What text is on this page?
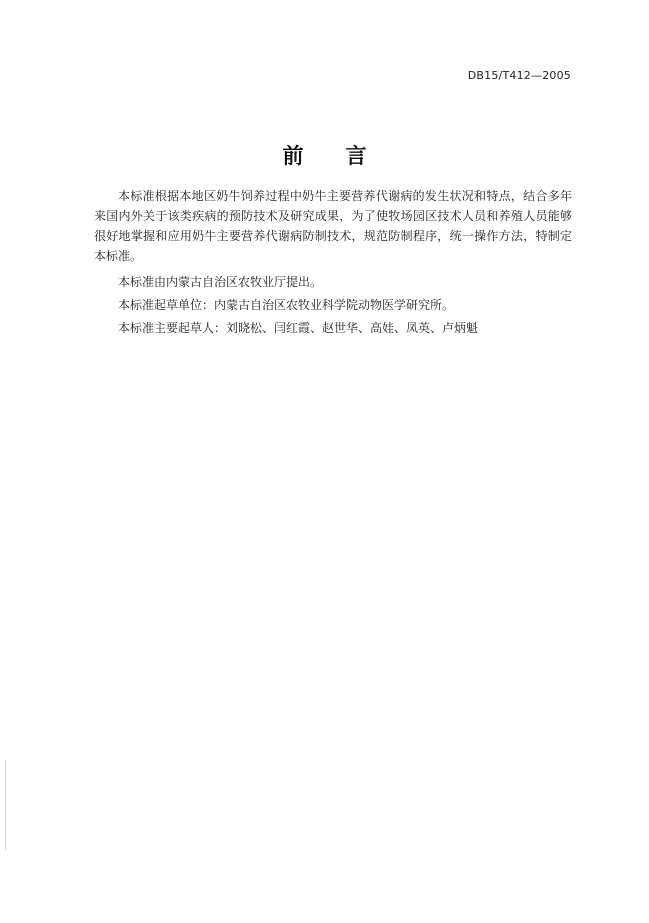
DB15/T412—2005
前言

本标准根据本地区奶牛饲养过程中奶牛主要营养代谢病的发生状况和特点，结合多年来国内外关于该类疾病的预防技术及研究成果，为了使牧场园区技术人员和养殖人员能够很好地掌握和应用奶牛主要营养代谢病防制技术，规范防制程序，统一操作方法，特制定本标准。

本标准由内蒙古自治区农牧业厅提出。

本标准起草单位：内蒙古自治区农牧业科学院动物医学研究所。

本标准主要起草人：刘晓松、闫红霞、赵世华、高娃、凤英、卢炳魁
